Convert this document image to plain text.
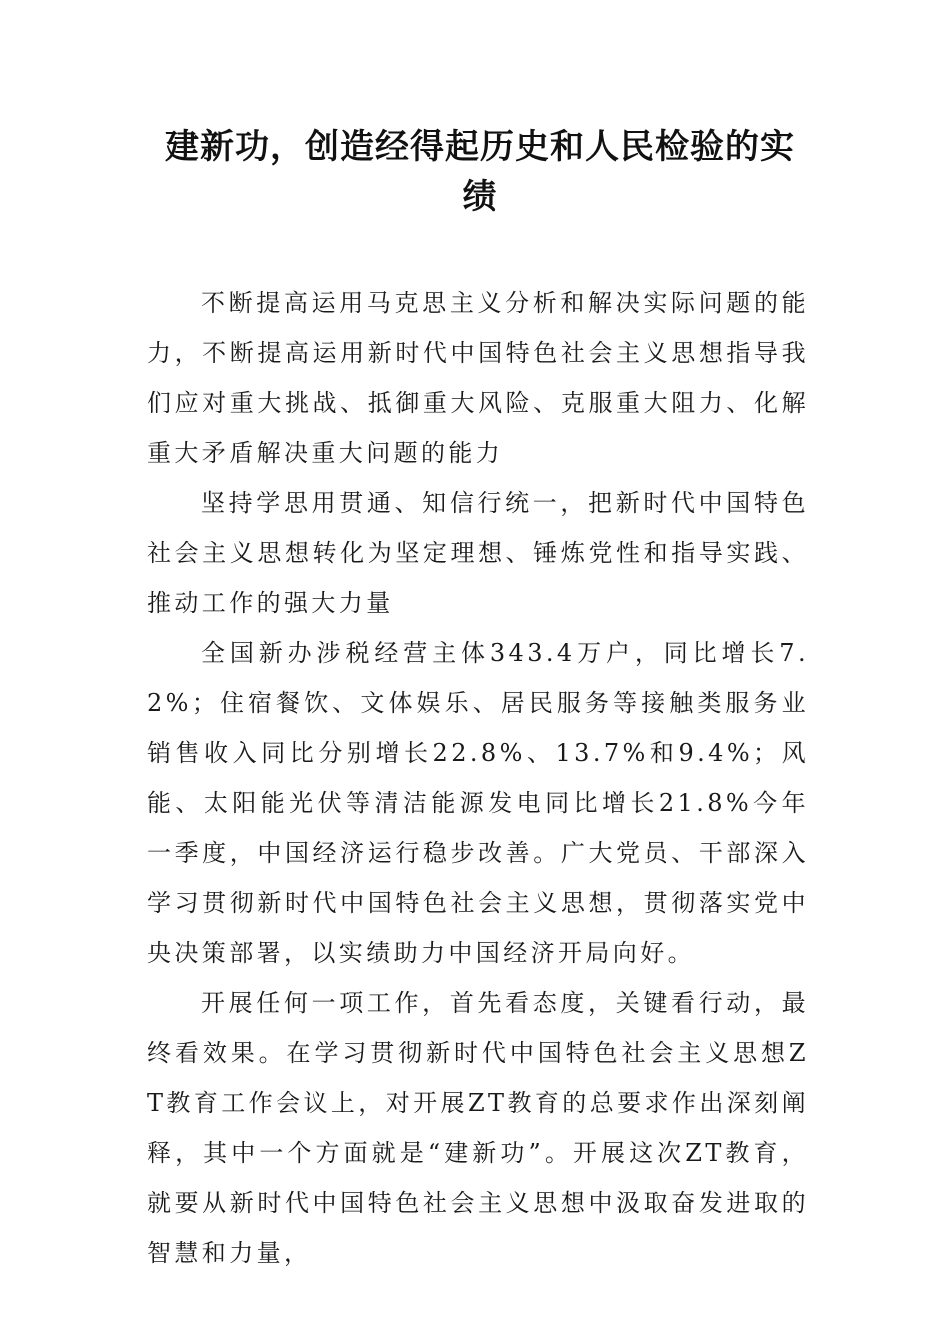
建新功，创造经得起历史和人民检验的实绩

不断提高运用马克思主义分析和解决实际问题的能力，不断提高运用新时代中国特色社会主义思想指导我们应对重大挑战、抵御重大风险、克服重大阻力、化解重大矛盾解决重大问题的能力

坚持学思用贯通、知信行统一，把新时代中国特色社会主义思想转化为坚定理想、锤炼党性和指导实践、推动工作的强大力量

全国新办涉税经营主体343.4万户，同比增长7.2%；住宿餐饮、文体娱乐、居民服务等接触类服务业销售收入同比分别增长22.8%、13.7%和9.4%；风能、太阳能光伏等清洁能源发电同比增长21.8%今年一季度，中国经济运行稳步改善。广大党员、干部深入学习贯彻新时代中国特色社会主义思想，贯彻落实党中央决策部署，以实绩助力中国经济开局向好。

开展任何一项工作，首先看态度，关键看行动，最终看效果。在学习贯彻新时代中国特色社会主义思想ZT教育工作会议上，对开展ZT教育的总要求作出深刻阐释，其中一个方面就是“建新功”。开展这次ZT教育，就要从新时代中国特色社会主义思想中汲取奋发进取的智慧和力量，
